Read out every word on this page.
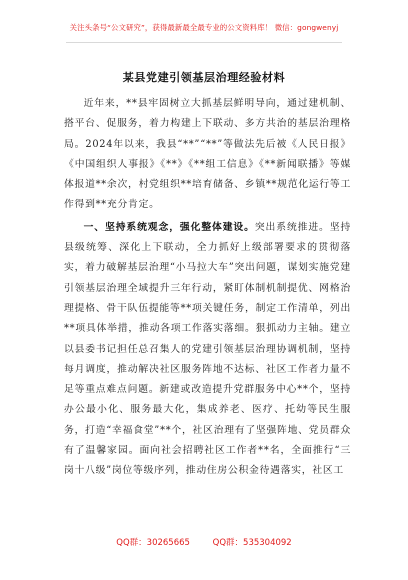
关注头条号“公文研究”，获得最新最全最专业的公文资料库！ 微信：gongwenyj
某县党建引领基层治理经验材料

近年来，**县牢固树立大抓基层鲜明导向，通过建机制、搭平台、促服务，着力构建上下联动、多方共治的基层治理格局。2024年以来，我县“**”“**”等做法先后被《人民日报》《中国组织人事报》《**》《**组工信息》《**新闻联播》等媒体报道**余次，村党组织**培育储备、乡镇**规范化运行等工作得到**充分肯定。

一、坚持系统观念，强化整体建设。突出系统推进。坚持县级统筹、深化上下联动，全力抓好上级部署要求的贯彻落实，着力破解基层治理“小马拉大车”突出问题，谋划实施党建引领基层治理全域提升三年行动，紧盯体制机制提优、网格治理提格、骨干队伍提能等**项关键任务，制定工作清单，列出**项具体举措，推动各项工作落实落细。狠抓动力主轴。建立以县委书记担任总召集人的党建引领基层治理协调机制，坚持每月调度，推动解决社区服务阵地不达标、社区工作者力量不足等重点难点问题。新建或改造提升党群服务中心**个，坚持办公最小化、服务最大化，集成养老、医疗、托幼等民生服务，打造“幸福食堂”**个，社区治理有了坚强阵地、党员群众有了温馨家园。面向社会招聘社区工作者**名，全面推行“三岗十八级”岗位等级序列，推动住房公积金待遇落实，社区工

QQ群：30265665	QQ群：535304092
